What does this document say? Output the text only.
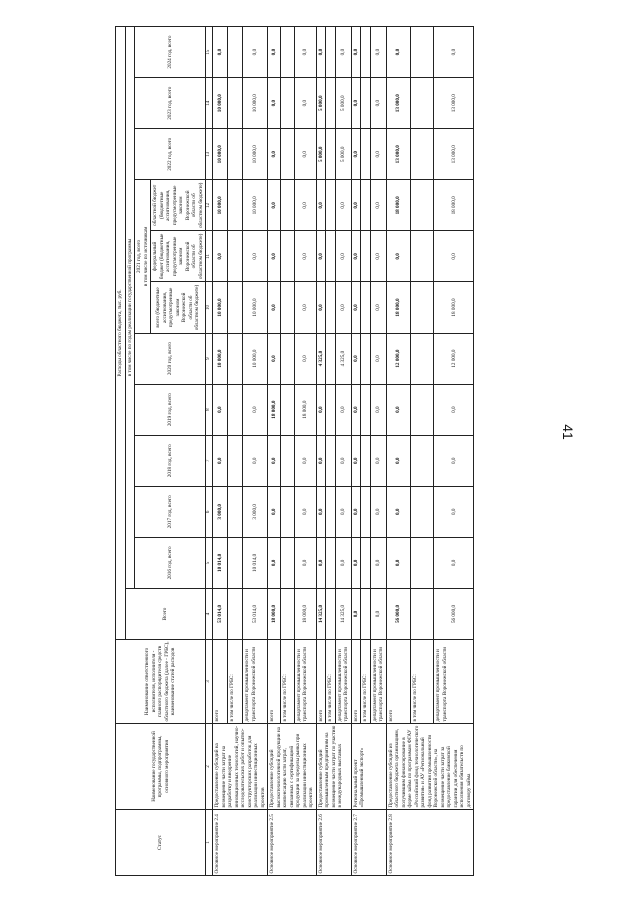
41
Статус	Наименование государственной программы, подпрограммы, основного мероприятия	Наименование ответственного исполнителя, исполнителя - главного распорядителя средств областного бюджета (далее - ГРБС), наименование статей расходов	Расходы областного бюджета, тыс. руб.											
			Всего	в том числе по годам реализации государственной программы										
				2016 год, всего	2017 год, всего	2018 год, всего	2019 год, всего	2020 год, всего	2021 год, всего
в том числе по источникам			2022 год, всего	2023 год, всего	2024 год, всего
									всего (бюджетные ассигнования, предусмотренные законом Воронежской области об областном бюджете)	федеральный бюджет (бюджетные ассигнования, предусмотренные законом Воронежской области об областном бюджете)	областной бюджет (бюджетные ассигнования, предусмотренные законом Воронежской области об областном бюджете)			
1	2	3	4	5	6	7	8	9	10	11	12	13	14	15
Основное мероприятие 2.4	Предоставление субсидий на возмещение части затрат на разработку и внедрение инновационных технологий, научно-исследовательских работ и опытно-конструкторских разработок для реализации инвестиционных проектов	всего	53 014,0	10 014,0	3 000,0	0,0	0,0	10 000,0	10 000,0	0,0	10 000,0	10 000,0	10 000,0	0,0
		в том числе по ГРБС:												
		департамент промышленности и транспорта Воронежской области	53 014,0	10 014,0	3 000,0	0,0	0,0	10 000,0	10 000,0	0,0	10 000,0	10 000,0	10 000,0	0,0
Основное мероприятие 2.5	Предоставление субсидий высокотехнологичной продукции на компенсацию части затрат, связанных с сертификацией продукции за пределы рынка при реализации инвестиционных проектов	всего	18 000,0	0,0	0,0	0,0	18 000,0	0,0	0,0	0,0	0,0	0,0	0,0	0,0
		в том числе по ГРБС:												
		департамент промышленности и транспорта Воронежской области	18 000,0	0,0	0,0	0,0	18 000,0	0,0	0,0	0,0	0,0	0,0	0,0	0,0
Основное мероприятие 2.6	Предоставление субсидий промышленным предприятиям на возмещение части затрат по участию в международных выставках	всего	14 325,0	0,0	0,0	0,0	0,0	4 325,0	0,0	0,0	0,0	5 000,0	5 000,0	0,0
		в том числе по ГРБС:												
		департамент промышленности и транспорта Воронежской области	14 325,0	0,0	0,0	0,0	0,0	4 325,0	0,0	0,0	0,0	5 000,0	5 000,0	0,0
Основное мероприятие 2.7	Региональный проект «Промышленный экспорт»	всего	0,0	0,0	0,0	0,0	0,0	0,0	0,0	0,0	0,0	0,0	0,0	0,0
		в том числе по ГРБС:												
		департамент промышленности и транспорта Воронежской области	0,0	0,0	0,0	0,0	0,0	0,0	0,0	0,0	0,0	0,0	0,0	0,0
Основное мероприятие 2.8	Предоставление субсидий из областного бюджета организациям, получившим финансирование в форме займа по программам ФГАУ «Российский фонд технологического развития» и АУ «Региональный фонд развития промышленности Воронежской области», на возмещение части затрат за предоставление банковской гарантии для обеспечения исполнения обязательств по договору займа	всего	56 000,0	0,0	0,0	0,0	0,0	12 000,0	18 000,0	0,0	18 000,0	13 000,0	13 000,0	0,0
		в том числе по ГРБС:												
		департамент промышленности и транспорта Воронежской области	56 000,0	0,0	0,0	0,0	0,0	12 000,0	18 000,0	0,0	18 000,0	13 000,0	13 000,0	0,0
